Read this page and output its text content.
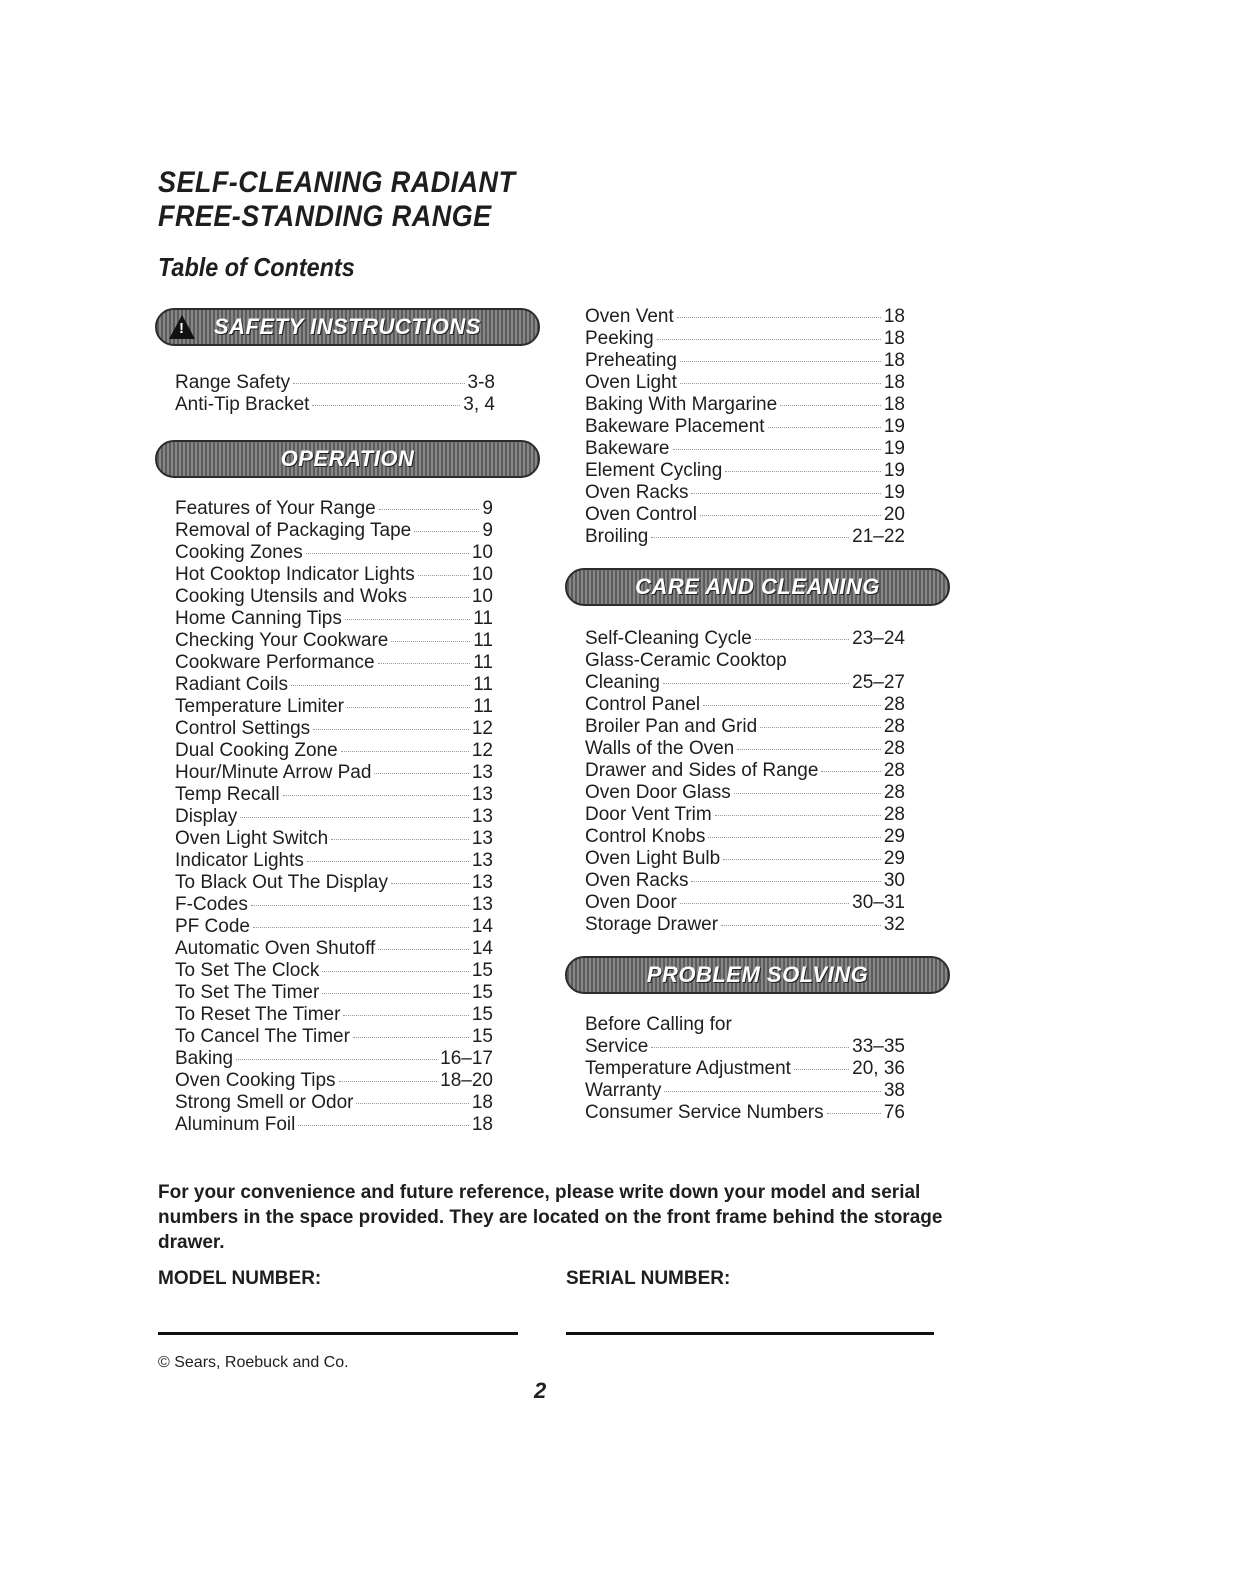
SELF-CLEANING RADIANT
FREE-STANDING RANGE
Table of Contents
!
SAFETY INSTRUCTIONS
Range Safety	3-8
Anti-Tip Bracket	3, 4
OPERATION
Features of Your Range	9
Removal of Packaging Tape	9
Cooking Zones	10
Hot Cooktop Indicator Lights	10
Cooking Utensils and Woks	10
Home Canning Tips	11
Checking Your Cookware	11
Cookware Performance	11
Radiant Coils	11
Temperature Limiter	11
Control Settings	12
Dual Cooking Zone	12
Hour/Minute Arrow Pad	13
Temp Recall	13
Display	13
Oven Light Switch	13
Indicator Lights	13
To Black Out The Display	13
F-Codes	13
PF Code	14
Automatic Oven Shutoff	14
To Set The Clock	15
To Set The Timer	15
To Reset The Timer	15
To Cancel The Timer	15
Baking	16–17
Oven Cooking Tips	18–20
Strong Smell or Odor	18
Aluminum Foil	18
Oven Vent	18
Peeking	18
Preheating	18
Oven Light	18
Baking With Margarine	18
Bakeware Placement	19
Bakeware	19
Element Cycling	19
Oven Racks	19
Oven Control	20
Broiling	21–22
CARE AND CLEANING
Self-Cleaning Cycle	23–24
Glass-Ceramic Cooktop
Cleaning	25–27
Control Panel	28
Broiler Pan and Grid	28
Walls of the Oven	28
Drawer and Sides of Range	28
Oven Door Glass	28
Door Vent Trim	28
Control Knobs	29
Oven Light Bulb	29
Oven Racks	30
Oven Door	30–31
Storage Drawer	32
PROBLEM SOLVING
Before Calling for
Service	33–35
Temperature Adjustment	20, 36
Warranty	38
Consumer Service Numbers	76

For your convenience and future reference, please write down your model and serial numbers in the space provided. They are located on the front frame behind the storage drawer.

MODEL NUMBER:	SERIAL NUMBER:

© Sears, Roebuck and Co.

2
